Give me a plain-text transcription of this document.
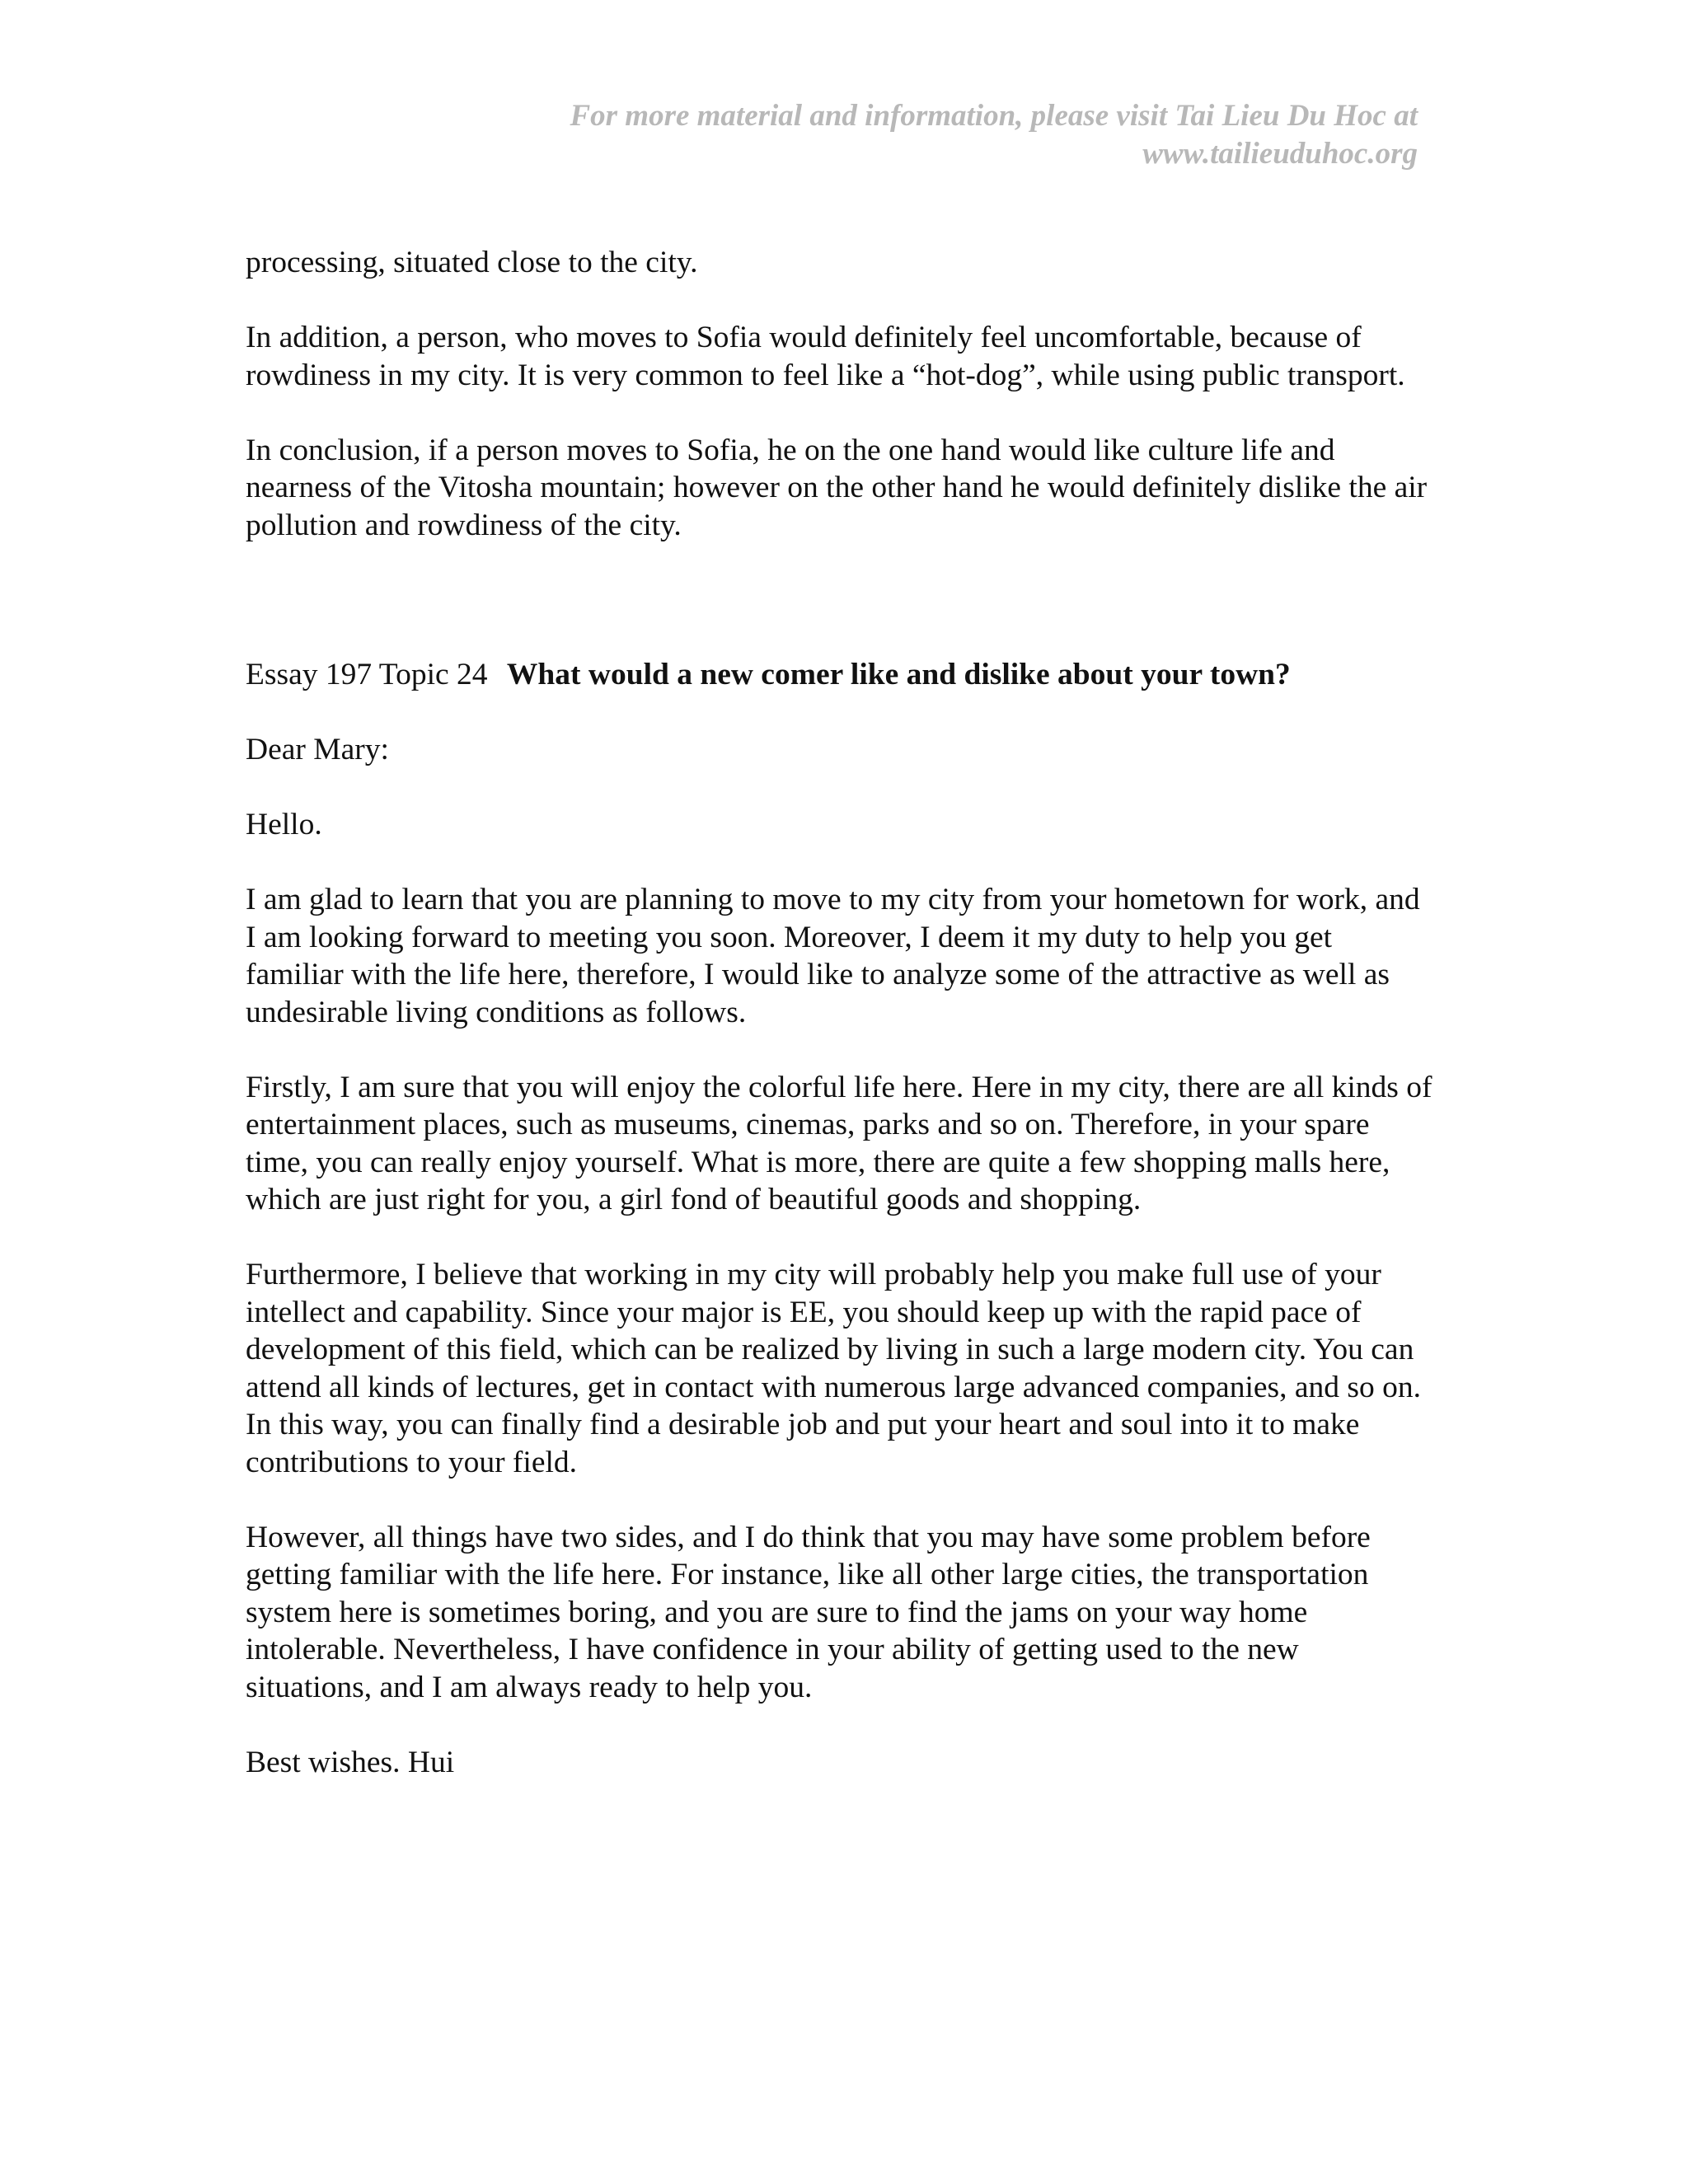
For more material and information, please visit Tai Lieu Du Hoc at
www.tailieuduhoc.org

processing, situated close to the city.

In addition, a person, who moves to Sofia would definitely feel uncomfortable, because of rowdiness in my city. It is very common to feel like a “hot-dog”, while using public transport.

In conclusion, if a person moves to Sofia, he on the one hand would like culture life and nearness of the Vitosha mountain; however on the other hand he would definitely dislike the air pollution and rowdiness of the city.

Essay 197 Topic 24 What would a new comer like and dislike about your town?

Dear Mary:

Hello.

I am glad to learn that you are planning to move to my city from your hometown for work, and I am looking forward to meeting you soon. Moreover, I deem it my duty to help you get familiar with the life here, therefore, I would like to analyze some of the attractive as well as undesirable living conditions as follows.

Firstly, I am sure that you will enjoy the colorful life here. Here in my city, there are all kinds of entertainment places, such as museums, cinemas, parks and so on. Therefore, in your spare time, you can really enjoy yourself. What is more, there are quite a few shopping malls here, which are just right for you, a girl fond of beautiful goods and shopping.

Furthermore, I believe that working in my city will probably help you make full use of your intellect and capability. Since your major is EE, you should keep up with the rapid pace of development of this field, which can be realized by living in such a large modern city. You can attend all kinds of lectures, get in contact with numerous large advanced companies, and so on. In this way, you can finally find a desirable job and put your heart and soul into it to make contributions to your field.

However, all things have two sides, and I do think that you may have some problem before getting familiar with the life here. For instance, like all other large cities, the transportation system here is sometimes boring, and you are sure to find the jams on your way home intolerable. Nevertheless, I have confidence in your ability of getting used to the new situations, and I am always ready to help you.

Best wishes. Hui
